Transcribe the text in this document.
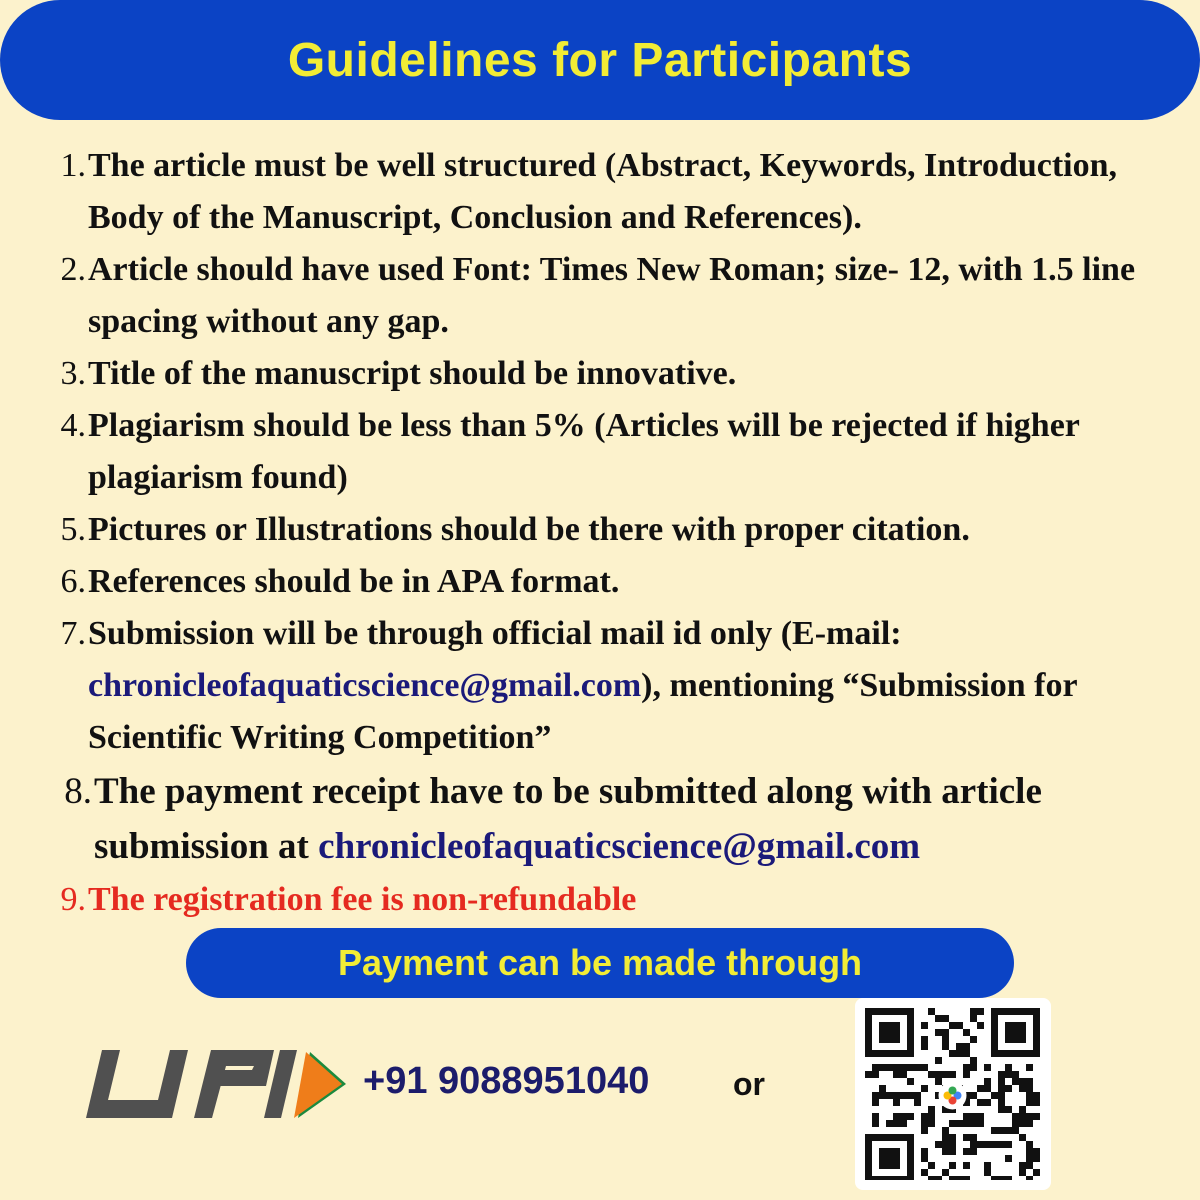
Guidelines for Participants
1. The article must be well structured (Abstract, Keywords, Introduction, Body of the Manuscript, Conclusion and References).
2. Article should have used Font: Times New Roman; size- 12, with 1.5 line spacing without any gap.
3. Title of the manuscript should be innovative.
4. Plagiarism should be less than 5% (Articles will be rejected if higher plagiarism found)
5. Pictures or Illustrations should be there with proper citation.
6. References should be in APA format.
7. Submission will be through official mail id only (E-mail: chronicleofaquaticscience@gmail.com), mentioning “Submission for Scientific Writing Competition”
8. The payment receipt have to be submitted along with article submission at chronicleofaquaticscience@gmail.com
9. The registration fee is non-refundable
Payment can be made through
+91 9088951040	or
